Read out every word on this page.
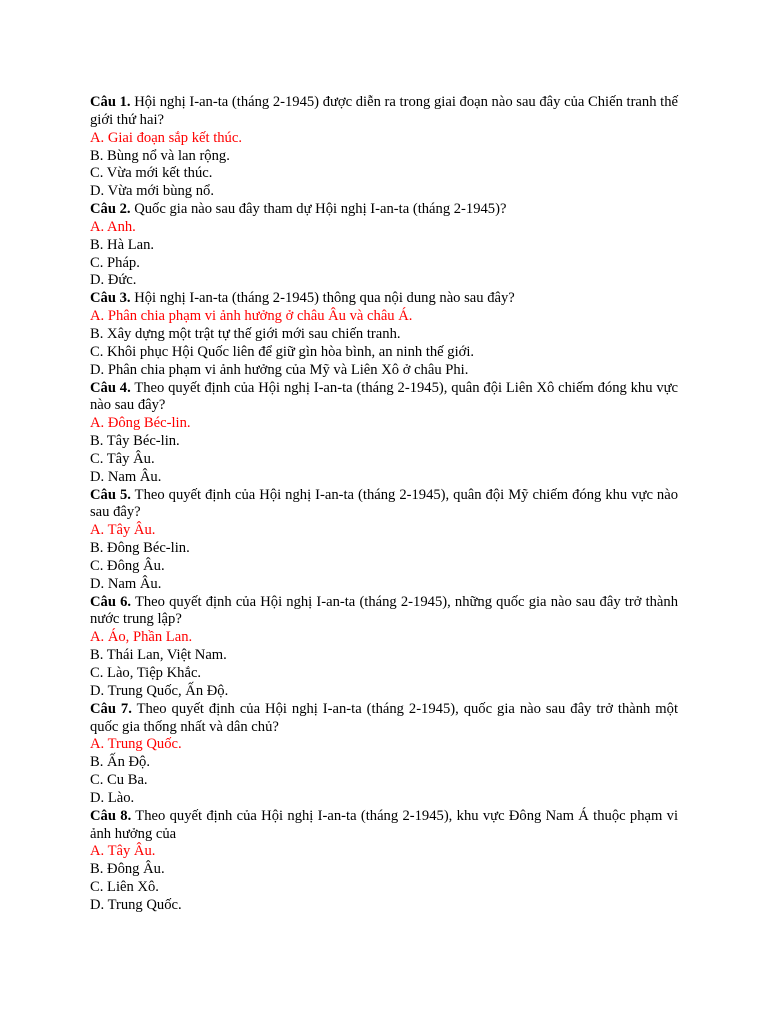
Câu 1. Hội nghị I-an-ta (tháng 2-1945) được diễn ra trong giai đoạn nào sau đây của Chiến tranh thế giới thứ hai?

A. Giai đoạn sắp kết thúc.

B. Bùng nổ và lan rộng.

C. Vừa mới kết thúc.

D. Vừa mới bùng nổ.

Câu 2. Quốc gia nào sau đây tham dự Hội nghị I-an-ta (tháng 2-1945)?

A. Anh.

B. Hà Lan.

C. Pháp.

D. Đức.

Câu 3. Hội nghị I-an-ta (tháng 2-1945) thông qua nội dung nào sau đây?

A. Phân chia phạm vi ảnh hưởng ở châu Âu và châu Á.

B. Xây dựng một trật tự thế giới mới sau chiến tranh.

C. Khôi phục Hội Quốc liên để giữ gìn hòa bình, an ninh thế giới.

D. Phân chia phạm vi ảnh hưởng của Mỹ và Liên Xô ở châu Phi.

Câu 4. Theo quyết định của Hội nghị I-an-ta (tháng 2-1945), quân đội Liên Xô chiếm đóng khu vực nào sau đây?

A. Đông Béc-lin.

B. Tây Béc-lin.

C. Tây Âu.

D. Nam Âu.

Câu 5. Theo quyết định của Hội nghị I-an-ta (tháng 2-1945), quân đội Mỹ chiếm đóng khu vực nào sau đây?

A. Tây Âu.

B. Đông Béc-lin.

C. Đông Âu.

D. Nam Âu.

Câu 6. Theo quyết định của Hội nghị I-an-ta (tháng 2-1945), những quốc gia nào sau đây trở thành nước trung lập?

A. Áo, Phần Lan.

B. Thái Lan, Việt Nam.

C. Lào, Tiệp Khắc.

D. Trung Quốc, Ấn Độ.

Câu 7. Theo quyết định của Hội nghị I-an-ta (tháng 2-1945), quốc gia nào sau đây trở thành một quốc gia thống nhất và dân chủ?

A. Trung Quốc.

B. Ấn Độ.

C. Cu Ba.

D. Lào.

Câu 8. Theo quyết định của Hội nghị I-an-ta (tháng 2-1945), khu vực Đông Nam Á thuộc phạm vi ảnh hưởng của

A. Tây Âu.

B. Đông Âu.

C. Liên Xô.

D. Trung Quốc.
